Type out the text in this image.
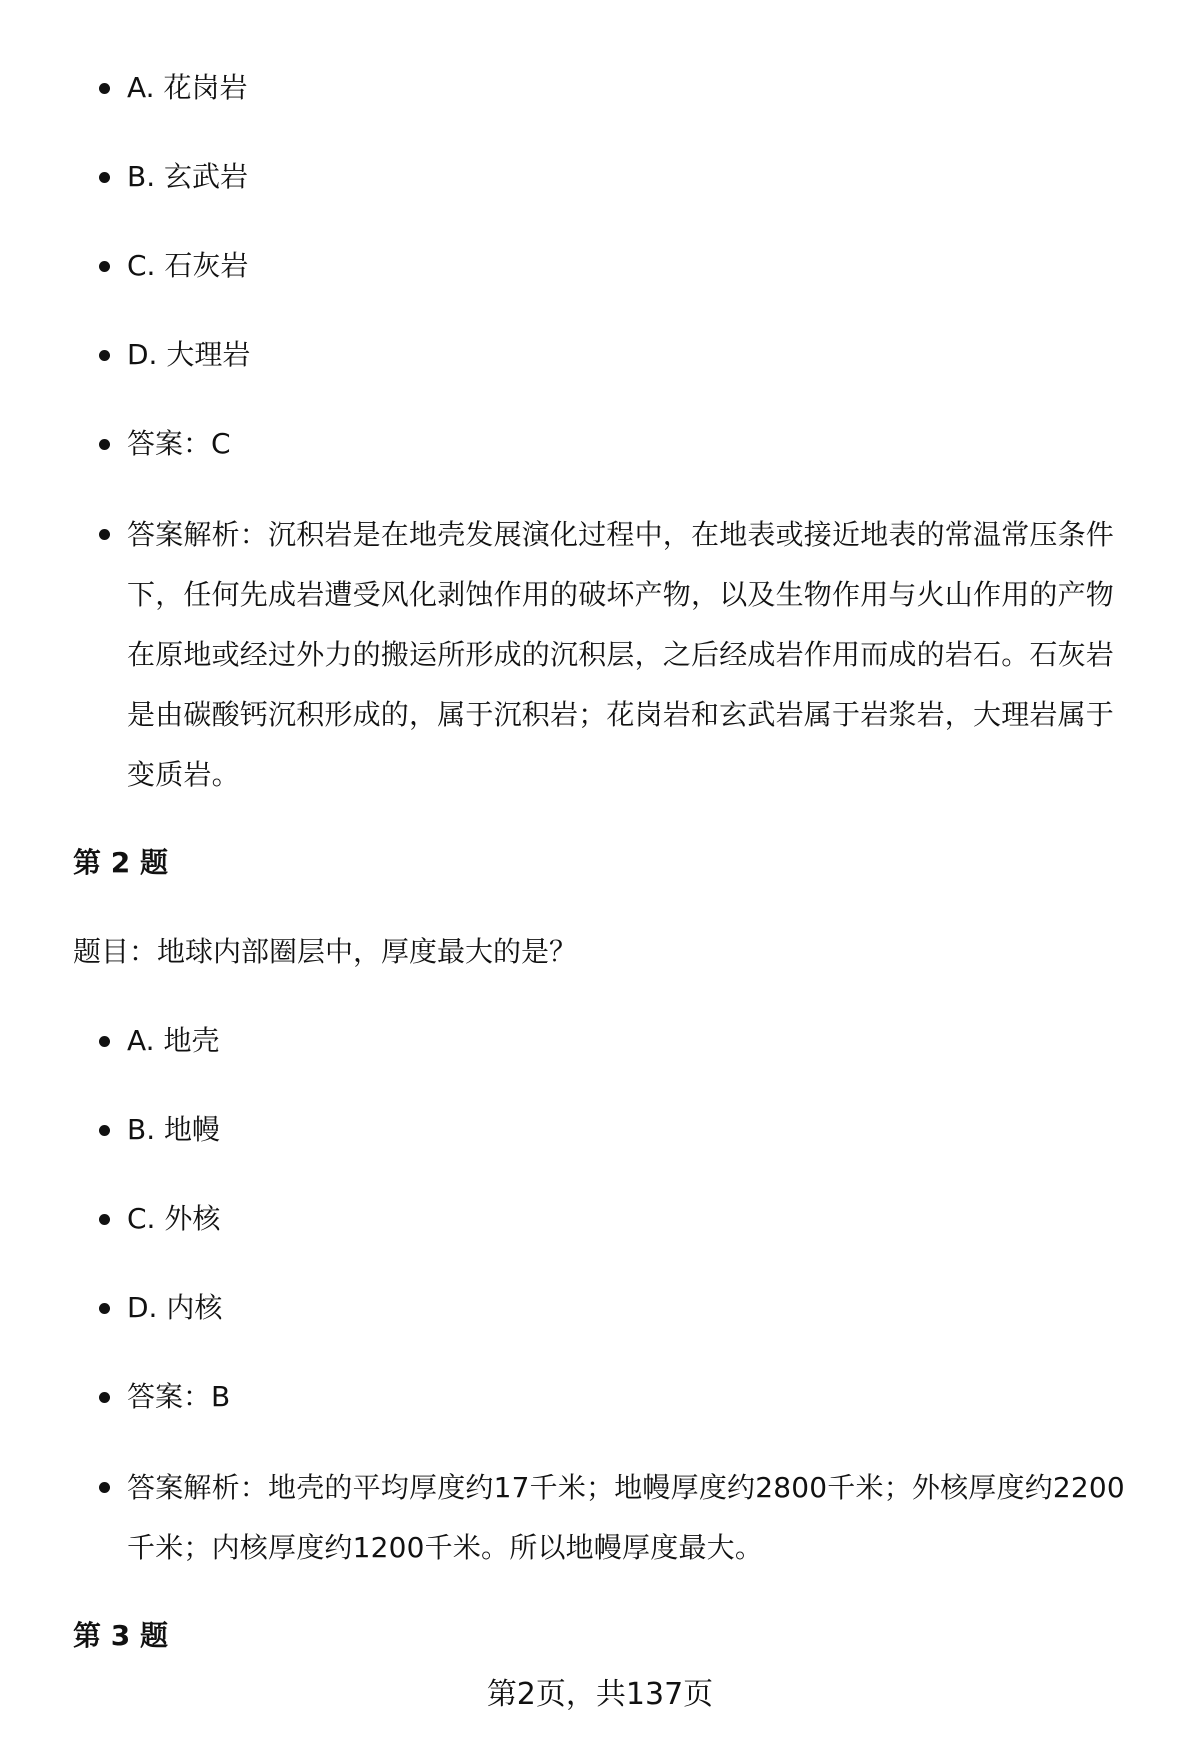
A. 花岗岩
B. 玄武岩
C. 石灰岩
D. 大理岩
答案：C
答案解析：沉积岩是在地壳发展演化过程中，在地表或接近地表的常温常压条件下，任何先成岩遭受风化剥蚀作用的破坏产物，以及生物作用与火山作用的产物在原地或经过外力的搬运所形成的沉积层，之后经成岩作用而成的岩石。石灰岩是由碳酸钙沉积形成的，属于沉积岩；花岗岩和玄武岩属于岩浆岩，大理岩属于变质岩。
第 2 题
题目：地球内部圈层中，厚度最大的是？
A. 地壳
B. 地幔
C. 外核
D. 内核
答案：B
答案解析：地壳的平均厚度约17千米；地幔厚度约2800千米；外核厚度约2200千米；内核厚度约1200千米。所以地幔厚度最大。
第 3 题
第2页，共137页
